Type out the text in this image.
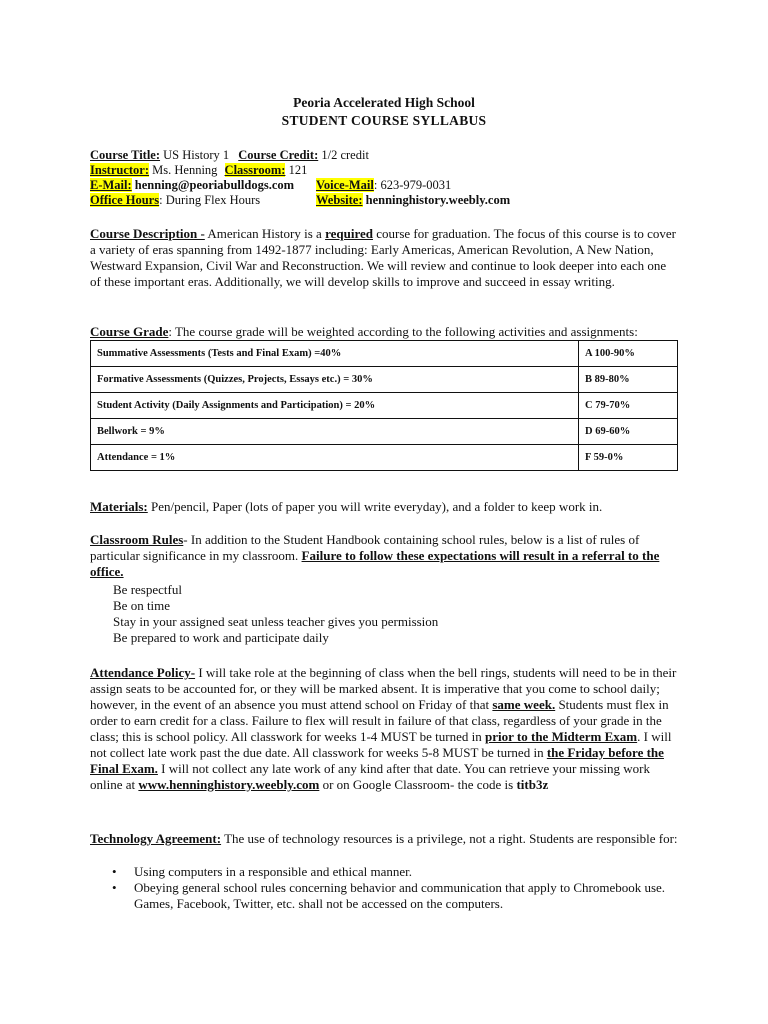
Peoria Accelerated High School
STUDENT COURSE SYLLABUS
Course Title: US History 1 Course Credit: 1/2 credit
Instructor: Ms. Henning Classroom: 121
E-Mail: henning@peoriabulldogs.com Voice-Mail: 623-979-0031
Office Hours: During Flex Hours	Website: henninghistory.weebly.com
Course Description - American History is a required course for graduation. The focus of this course is to cover a variety of eras spanning from 1492-1877 including: Early Americas, American Revolution, A New Nation, Westward Expansion, Civil War and Reconstruction. We will review and continue to look deeper into each one of these important eras. Additionally, we will develop skills to improve and succeed in essay writing.
Course Grade: The course grade will be weighted according to the following activities and assignments:
Summative Assessments (Tests and Final Exam) =40%	A 100-90%
Formative Assessments (Quizzes, Projects, Essays etc.) = 30%	B 89-80%
Student Activity (Daily Assignments and Participation) = 20%	C 79-70%
Bellwork = 9%	D 69-60%
Attendance = 1%	F 59-0%
Materials: Pen/pencil, Paper (lots of paper you will write everyday), and a folder to keep work in.
Classroom Rules- In addition to the Student Handbook containing school rules, below is a list of rules of particular significance in my classroom. Failure to follow these expectations will result in a referral to the office.
Be respectful
Be on time
Stay in your assigned seat unless teacher gives you permission
Be prepared to work and participate daily
Attendance Policy- I will take role at the beginning of class when the bell rings, students will need to be in their assign seats to be accounted for, or they will be marked absent. It is imperative that you come to school daily; however, in the event of an absence you must attend school on Friday of that same week. Students must flex in order to earn credit for a class. Failure to flex will result in failure of that class, regardless of your grade in the class; this is school policy. All classwork for weeks 1-4 MUST be turned in prior to the Midterm Exam. I will not collect late work past the due date. All classwork for weeks 5-8 MUST be turned in the Friday before the Final Exam. I will not collect any late work of any kind after that date. You can retrieve your missing work online at www.henninghistory.weebly.com or on Google Classroom- the code is titb3z
Technology Agreement: The use of technology resources is a privilege, not a right. Students are responsible for:
• Using computers in a responsible and ethical manner.
• Obeying general school rules concerning behavior and communication that apply to Chromebook use. Games, Facebook, Twitter, etc. shall not be accessed on the computers.
